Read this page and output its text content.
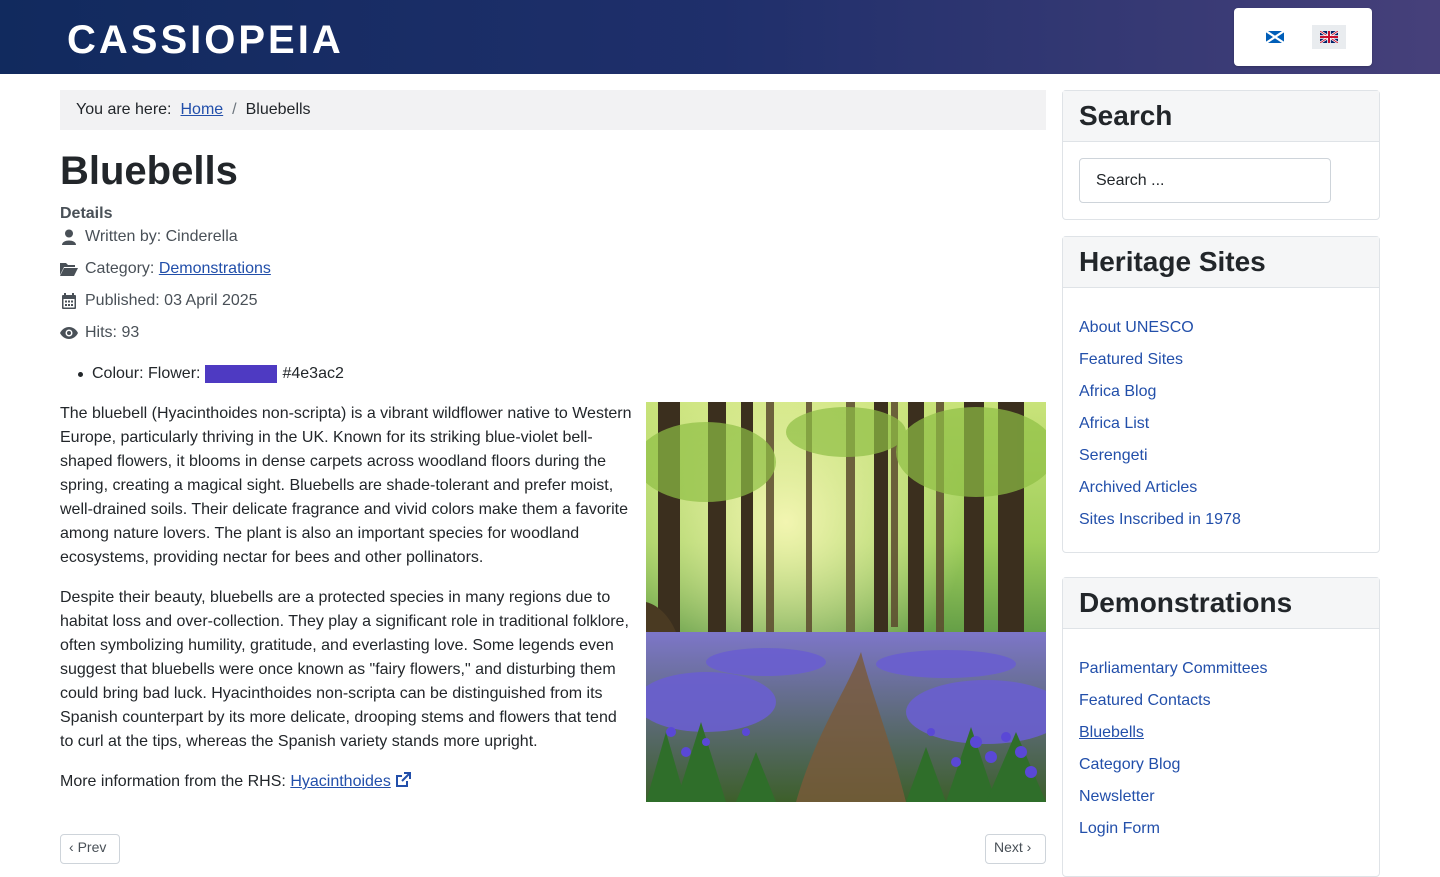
CASSIOPEIA
You are here: Home / Bluebells
Bluebells
Details
Written by: Cinderella
Category:
Demonstrations
Published: 03 April 2025
Hits: 93
Colour: Flower:	#4e3ac2

The bluebell (Hyacinthoides non-scripta) is a vibrant wildflower native to Western Europe, particularly thriving in the UK. Known for its striking blue-violet bell-shaped flowers, it blooms in dense carpets across woodland floors during the spring, creating a magical sight. Bluebells are shade-tolerant and prefer moist, well-drained soils. Their delicate fragrance and vivid colors make them a favorite among nature lovers. The plant is also an important species for woodland ecosystems, providing nectar for bees and other pollinators.

Despite their beauty, bluebells are a protected species in many regions due to habitat loss and over-collection. They play a significant role in traditional folklore, often symbolizing humility, gratitude, and everlasting love. Some legends even suggest that bluebells were once known as "fairy flowers," and disturbing them could bring bad luck. Hyacinthoides non-scripta can be distinguished from its Spanish counterpart by its more delicate, drooping stems and flowers that tend to curl at the tips, whereas the Spanish variety stands more upright.

More information from the RHS: Hyacinthoides

‹ Prev	Next ›
Search
Search ...
Heritage Sites
About UNESCO
Featured Sites
Africa Blog
Africa List
Serengeti
Archived Articles
Sites Inscribed in 1978
Demonstrations
Parliamentary Committees
Featured Contacts
Bluebells
Category Blog
Newsletter
Login Form
